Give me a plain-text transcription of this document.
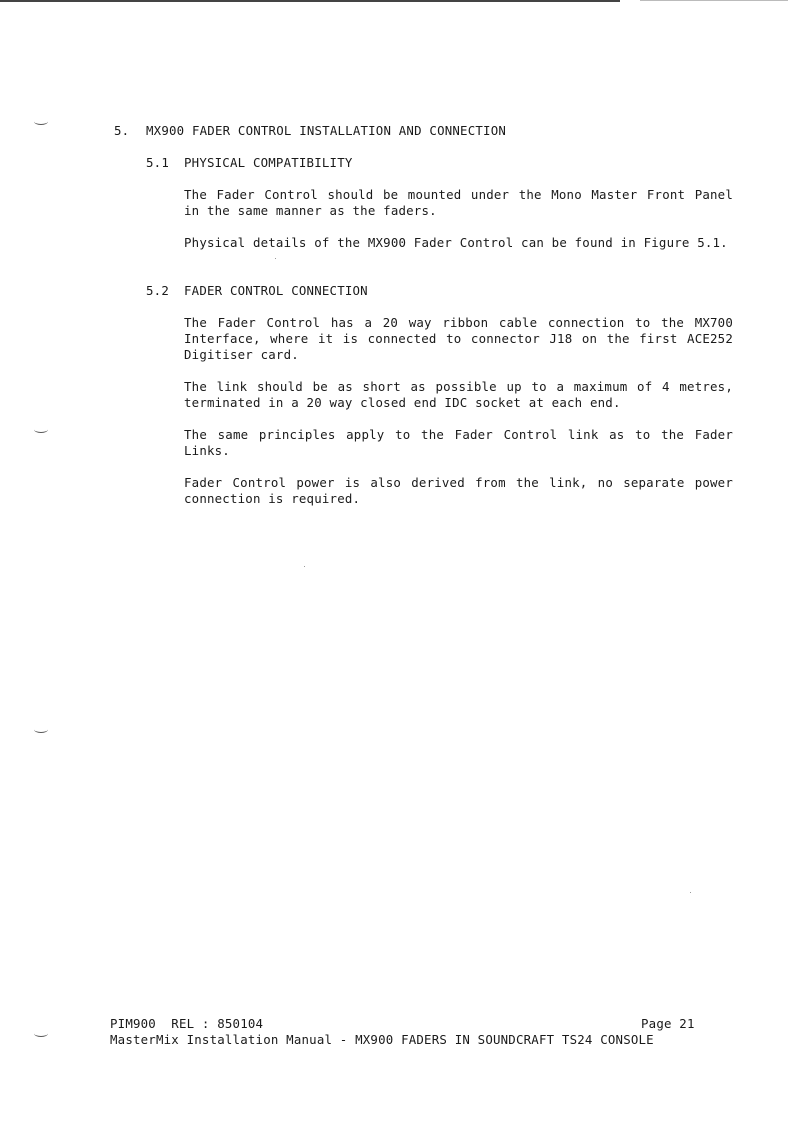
5. MX900 FADER CONTROL INSTALLATION AND CONNECTION
5.1 PHYSICAL COMPATIBILITY
The Fader Control should be mounted under the Mono Master Front Panel in the same manner as the faders.
Physical details of the MX900 Fader Control can be found in Figure 5.1.
5.2 FADER CONTROL CONNECTION
The Fader Control has a 20 way ribbon cable connection to the MX700 Interface, where it is connected to connector J18 on the first ACE252 Digitiser card.
The link should be as short as possible up to a maximum of 4 metres, terminated in a 20 way closed end IDC socket at each end.
The same principles apply to the Fader Control link as to the Fader Links.
Fader Control power is also derived from the link, no separate power connection is required.
PIM900  REL : 850104	Page 21
MasterMix Installation Manual - MX900 FADERS IN SOUNDCRAFT TS24 CONSOLE
